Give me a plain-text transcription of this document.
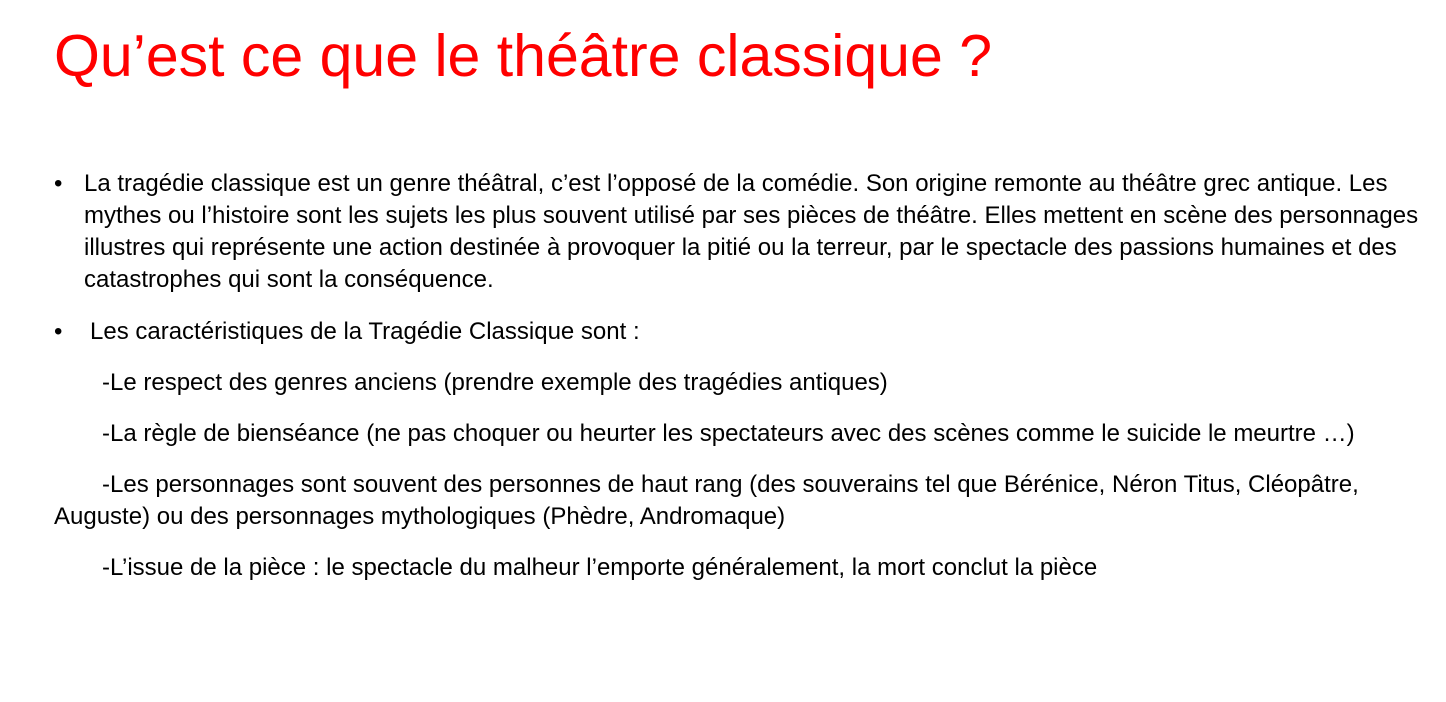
Qu’est ce que le théâtre classique ?
• La tragédie classique est un genre théâtral, c’est l’opposé de la comédie. Son origine remonte au théâtre grec antique. Les mythes ou l’histoire sont les sujets les plus souvent utilisé par ses pièces de théâtre. Elles mettent en scène des personnages illustres qui représente une action destinée à provoquer la pitié ou la terreur, par le spectacle des passions humaines et des catastrophes qui sont la conséquence.
•	Les caractéristiques de la Tragédie Classique sont :
-Le respect des genres anciens (prendre exemple des tragédies antiques)
-La règle de bienséance (ne pas choquer ou heurter les spectateurs avec des scènes comme le suicide le meurtre …)
-Les personnages sont souvent des personnes de haut rang (des souverains tel que Bérénice, Néron Titus, Cléopâtre, Auguste) ou des personnages mythologiques (Phèdre, Andromaque)
-L’issue de la pièce : le spectacle du malheur l’emporte généralement, la mort conclut la pièce
